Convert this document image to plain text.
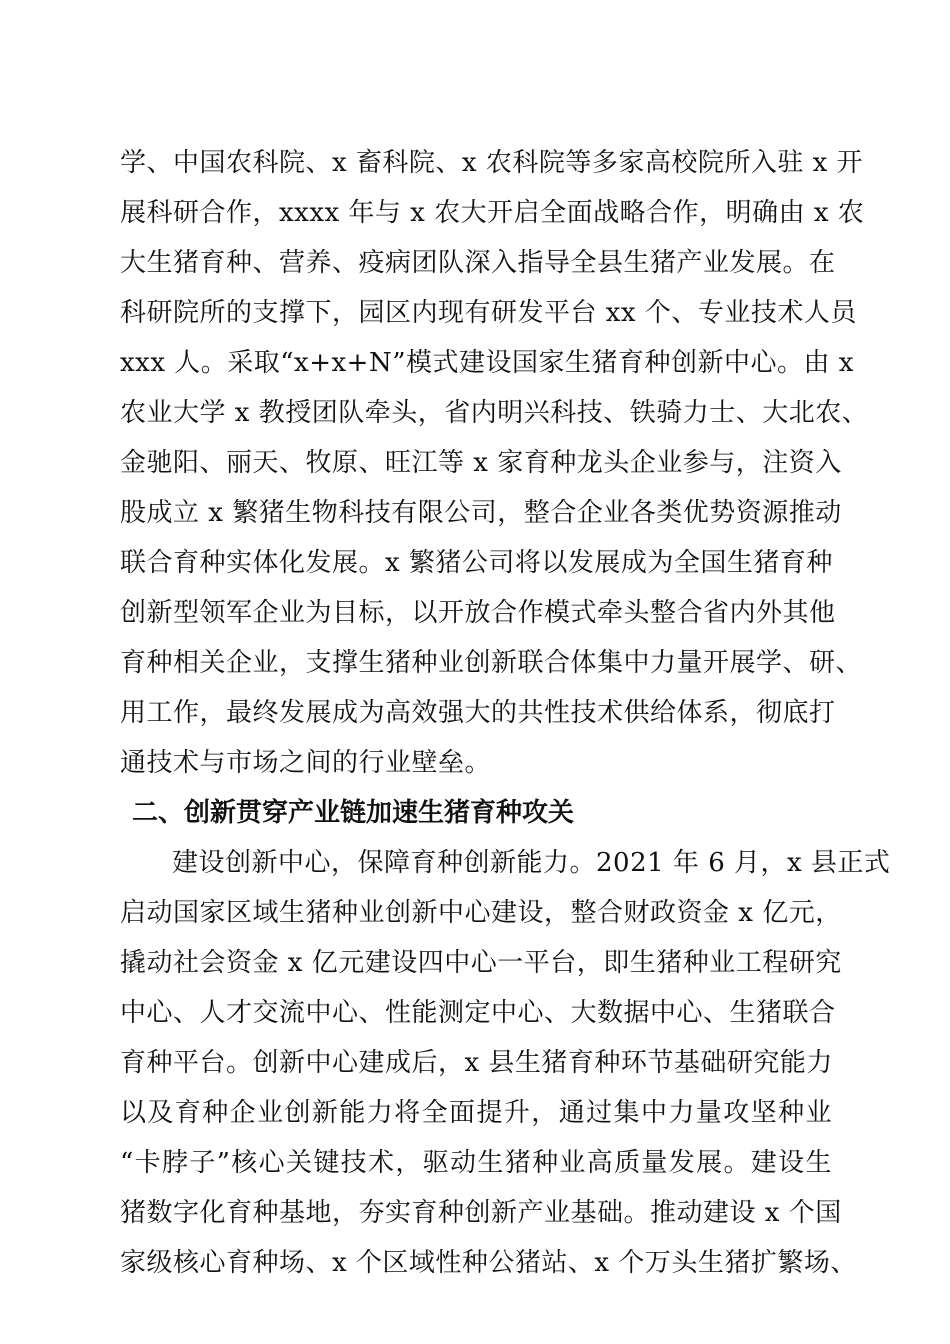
学、中国农科院、x 畜科院、x 农科院等多家高校院所入驻 x 开
展科研合作，xxxx 年与 x 农大开启全面战略合作，明确由 x 农
大生猪育种、营养、疫病团队深入指导全县生猪产业发展。在
科研院所的支撑下，园区内现有研发平台 xx 个、专业技术人员
xxx 人。采取“x+x+N”模式建设国家生猪育种创新中心。由 x
农业大学 x 教授团队牵头，省内明兴科技、铁骑力士、大北农、
金驰阳、丽天、牧原、旺江等 x 家育种龙头企业参与，注资入
股成立 x 繁猪生物科技有限公司，整合企业各类优势资源推动
联合育种实体化发展。x 繁猪公司将以发展成为全国生猪育种
创新型领军企业为目标，以开放合作模式牵头整合省内外其他
育种相关企业，支撑生猪种业创新联合体集中力量开展学、研、
用工作，最终发展成为高效强大的共性技术供给体系，彻底打
通技术与市场之间的行业壁垒。
二、创新贯穿产业链加速生猪育种攻关
建设创新中心，保障育种创新能力。2021 年 6 月，x 县正式
启动国家区域生猪种业创新中心建设，整合财政资金 x 亿元，
撬动社会资金 x 亿元建设四中心一平台，即生猪种业工程研究
中心、人才交流中心、性能测定中心、大数据中心、生猪联合
育种平台。创新中心建成后，x 县生猪育种环节基础研究能力
以及育种企业创新能力将全面提升，通过集中力量攻坚种业
“卡脖子”核心关键技术，驱动生猪种业高质量发展。建设生
猪数字化育种基地，夯实育种创新产业基础。推动建设 x 个国
家级核心育种场、x 个区域性种公猪站、x 个万头生猪扩繁场、
